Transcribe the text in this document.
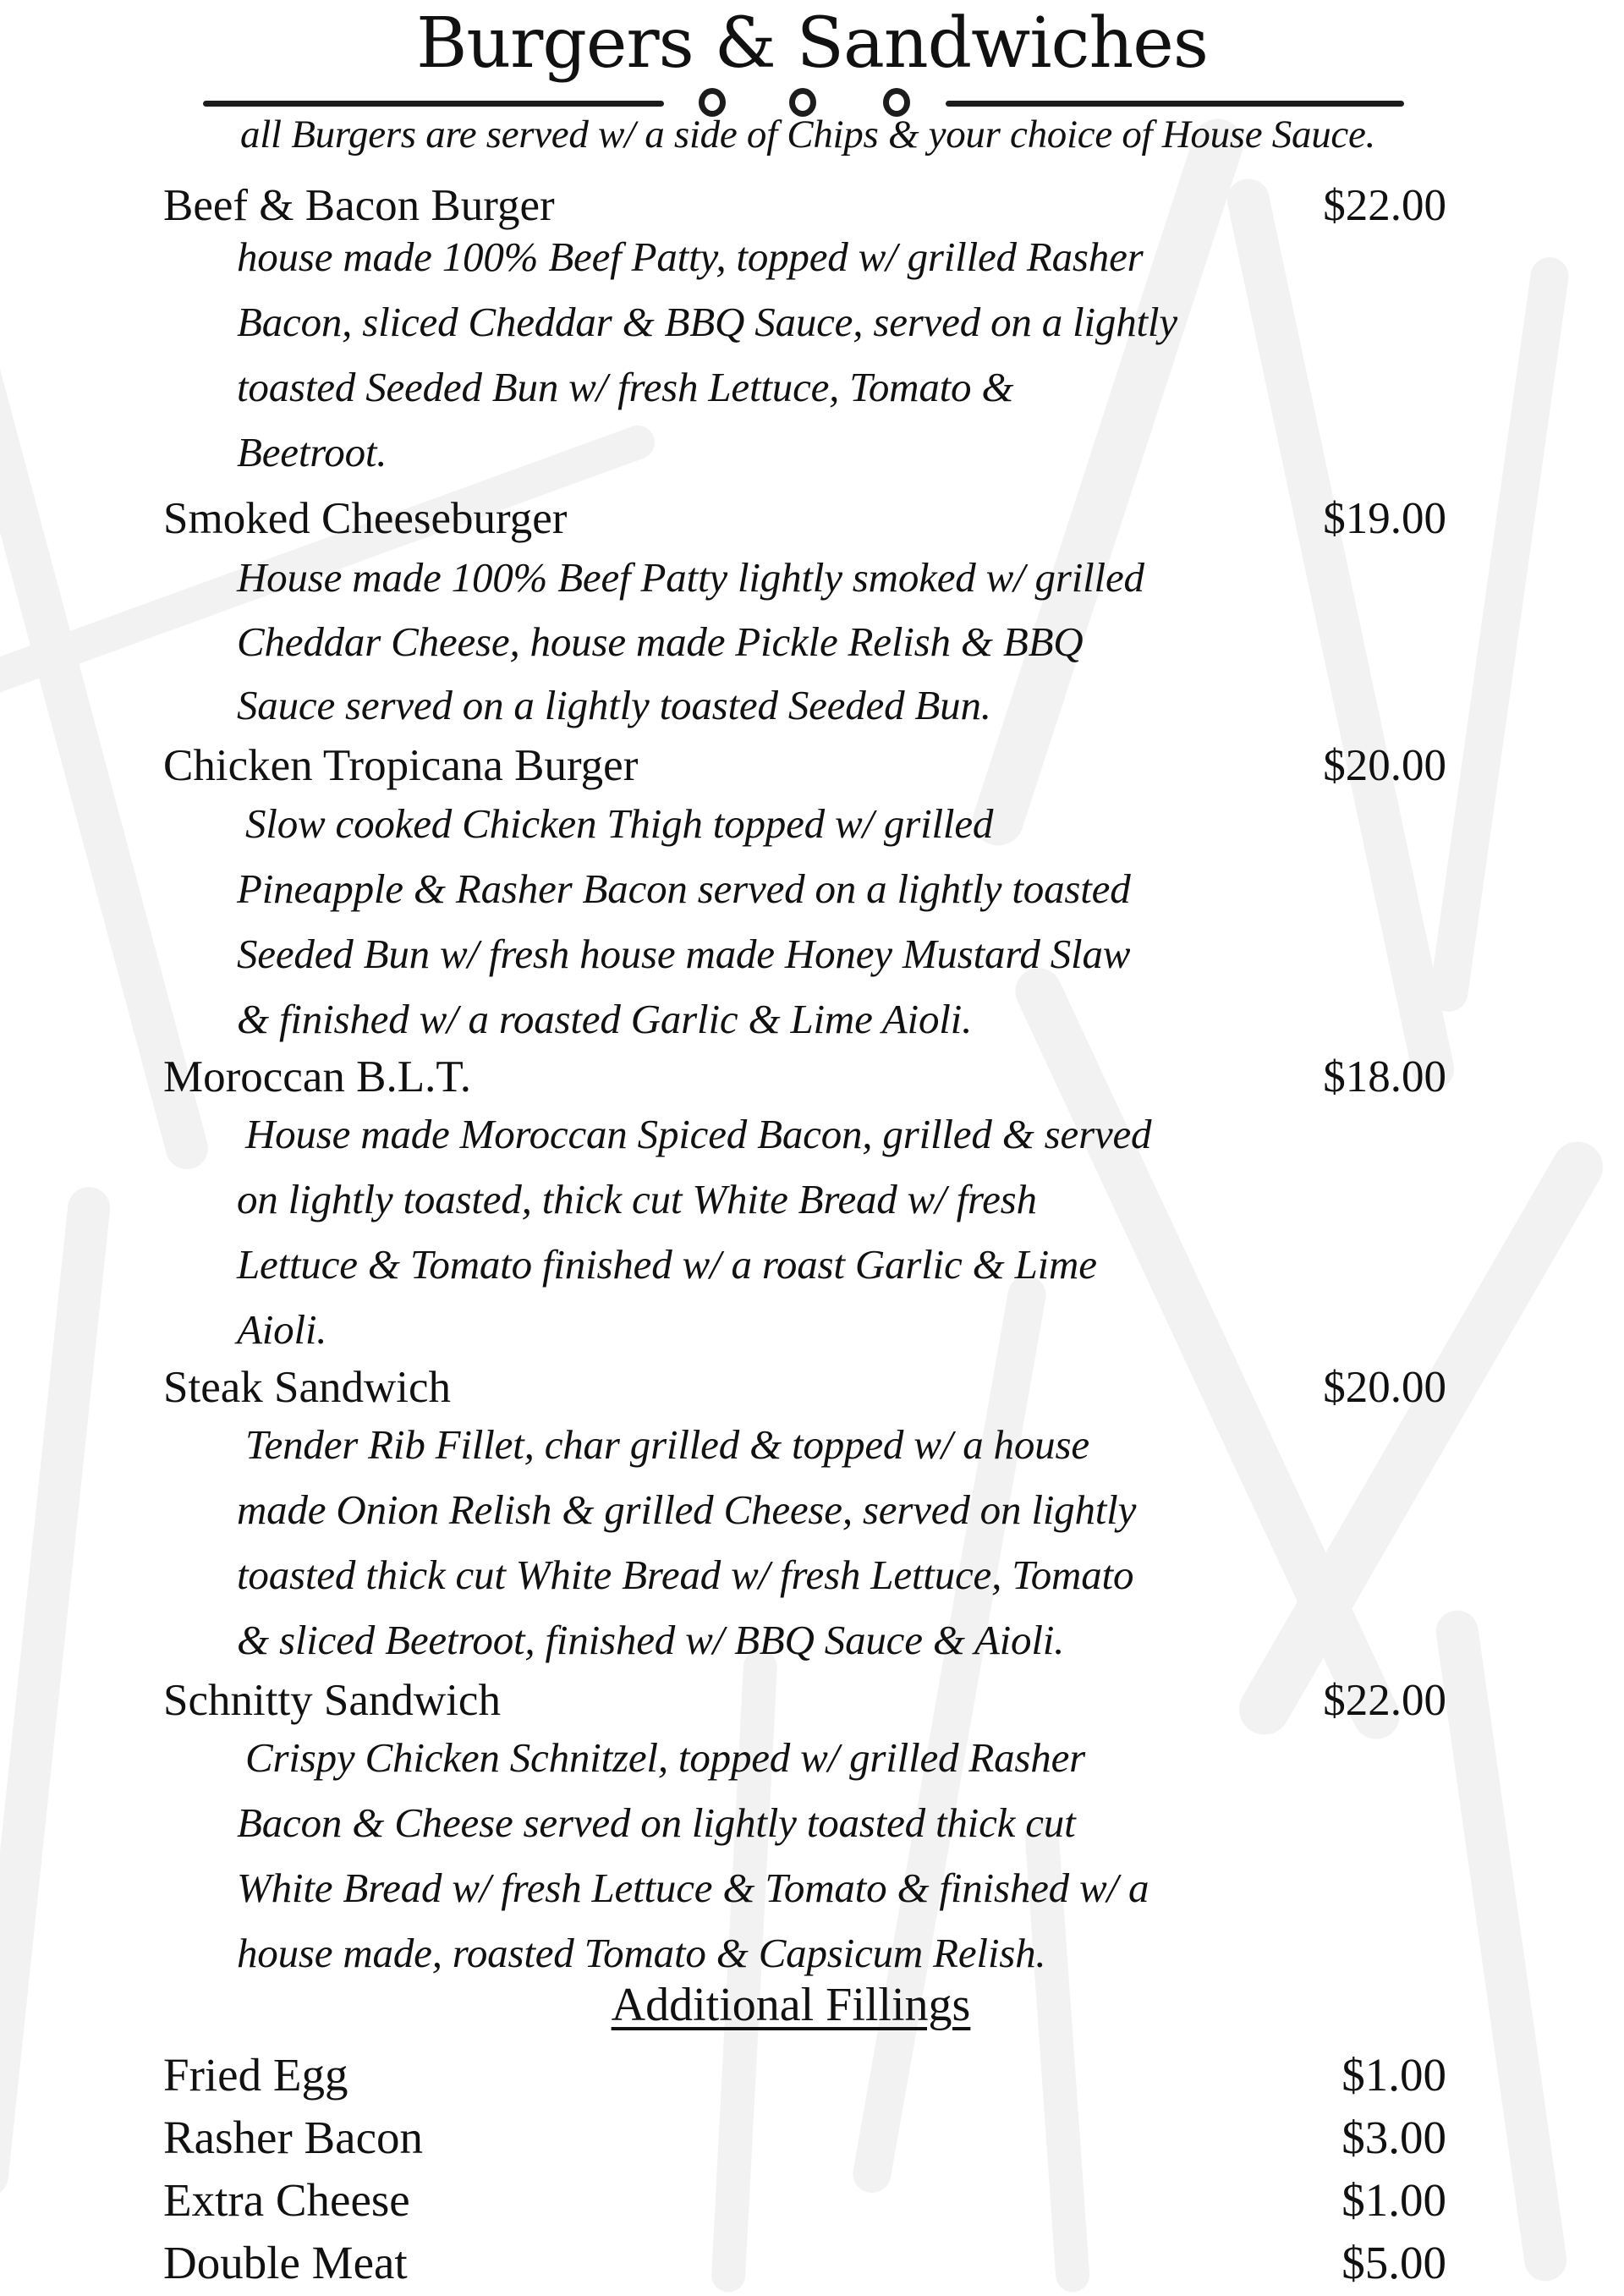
Burgers & Sandwiches
all Burgers are served w/ a side of Chips & your choice of House Sauce.
Beef & Bacon Burger	$22.00
house made 100% Beef Patty, topped w/ grilled Rasher
Bacon, sliced Cheddar & BBQ Sauce, served on a lightly
toasted Seeded Bun w/ fresh Lettuce, Tomato &
Beetroot.
Smoked Cheeseburger	$19.00
House made 100% Beef Patty lightly smoked w/ grilled
Cheddar Cheese, house made Pickle Relish & BBQ
Sauce served on a lightly toasted Seeded Bun.
Chicken Tropicana Burger	$20.00
Slow cooked Chicken Thigh topped w/ grilled
Pineapple & Rasher Bacon served on a lightly toasted
Seeded Bun w/ fresh house made Honey Mustard Slaw
& finished w/ a roasted Garlic & Lime Aioli.
Moroccan B.L.T.	$18.00
House made Moroccan Spiced Bacon, grilled & served
on lightly toasted, thick cut White Bread w/ fresh
Lettuce & Tomato finished w/ a roast Garlic & Lime
Aioli.
Steak Sandwich	$20.00
Tender Rib Fillet, char grilled & topped w/ a house
made Onion Relish & grilled Cheese, served on lightly
toasted thick cut White Bread w/ fresh Lettuce, Tomato
& sliced Beetroot, finished w/ BBQ Sauce & Aioli.
Schnitty Sandwich	$22.00
Crispy Chicken Schnitzel, topped w/ grilled Rasher
Bacon & Cheese served on lightly toasted thick cut
White Bread w/ fresh Lettuce & Tomato & finished w/ a
house made, roasted Tomato & Capsicum Relish.
Additional Fillings
Fried Egg	$1.00
Rasher Bacon	$3.00
Extra Cheese	$1.00
Double Meat	$5.00
